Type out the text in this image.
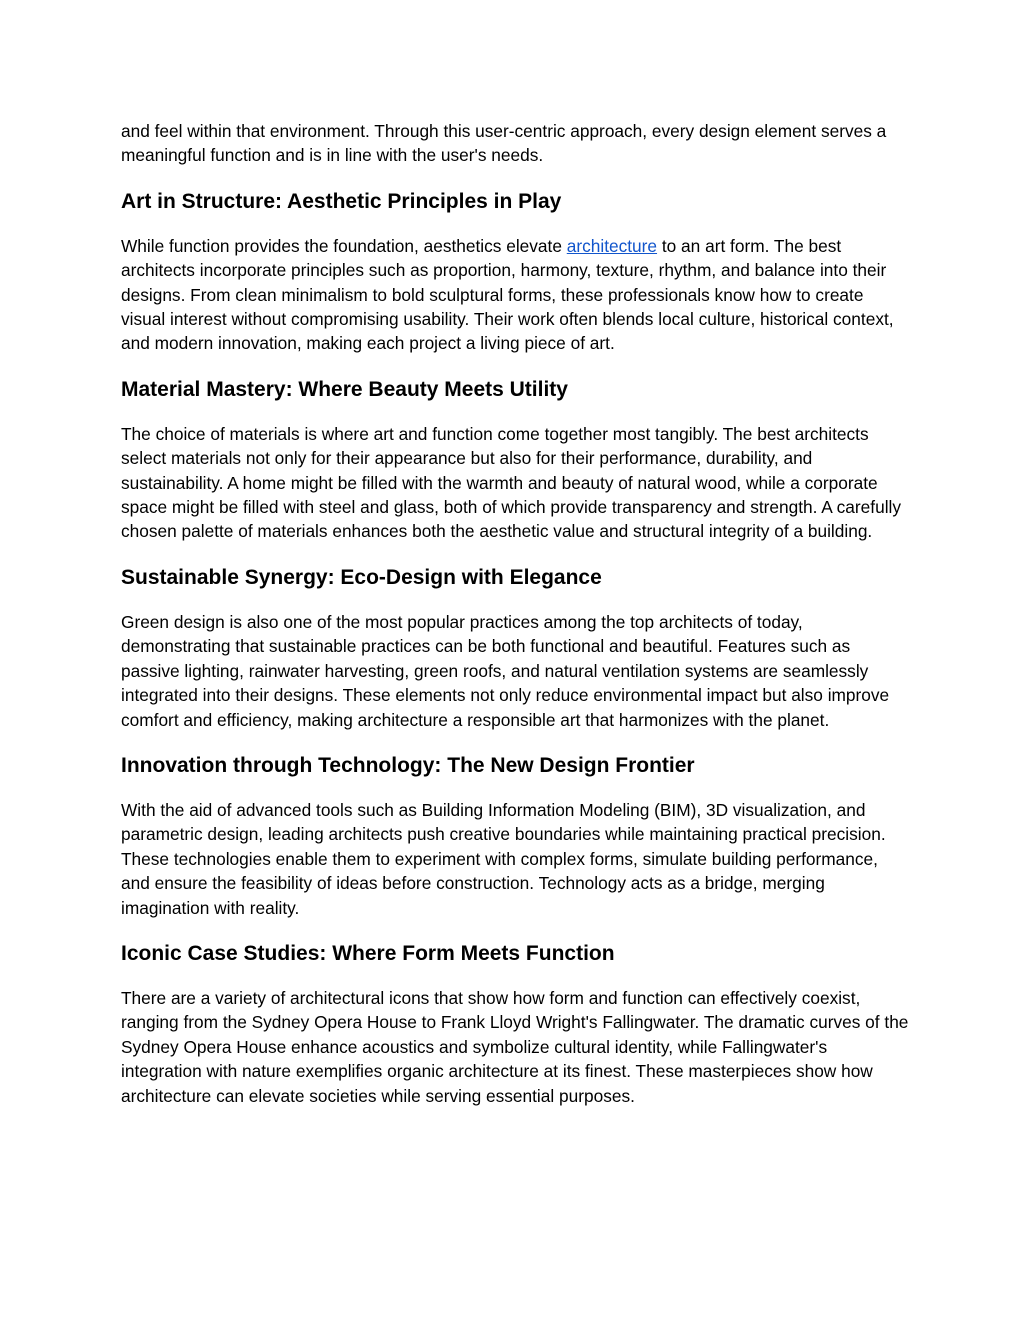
and feel within that environment. Through this user-centric approach, every design element serves a meaningful function and is in line with the user's needs.

Art in Structure: Aesthetic Principles in Play

While function provides the foundation, aesthetics elevate architecture to an art form. The best architects incorporate principles such as proportion, harmony, texture, rhythm, and balance into their designs. From clean minimalism to bold sculptural forms, these professionals know how to create visual interest without compromising usability. Their work often blends local culture, historical context, and modern innovation, making each project a living piece of art.

Material Mastery: Where Beauty Meets Utility

The choice of materials is where art and function come together most tangibly. The best architects select materials not only for their appearance but also for their performance, durability, and sustainability. A home might be filled with the warmth and beauty of natural wood, while a corporate space might be filled with steel and glass, both of which provide transparency and strength. A carefully chosen palette of materials enhances both the aesthetic value and structural integrity of a building.

Sustainable Synergy: Eco-Design with Elegance

Green design is also one of the most popular practices among the top architects of today, demonstrating that sustainable practices can be both functional and beautiful. Features such as passive lighting, rainwater harvesting, green roofs, and natural ventilation systems are seamlessly integrated into their designs. These elements not only reduce environmental impact but also improve comfort and efficiency, making architecture a responsible art that harmonizes with the planet.

Innovation through Technology: The New Design Frontier

With the aid of advanced tools such as Building Information Modeling (BIM), 3D visualization, and parametric design, leading architects push creative boundaries while maintaining practical precision. These technologies enable them to experiment with complex forms, simulate building performance, and ensure the feasibility of ideas before construction. Technology acts as a bridge, merging imagination with reality.

Iconic Case Studies: Where Form Meets Function

There are a variety of architectural icons that show how form and function can effectively coexist, ranging from the Sydney Opera House to Frank Lloyd Wright's Fallingwater. The dramatic curves of the Sydney Opera House enhance acoustics and symbolize cultural identity, while Fallingwater's integration with nature exemplifies organic architecture at its finest. These masterpieces show how architecture can elevate societies while serving essential purposes.
